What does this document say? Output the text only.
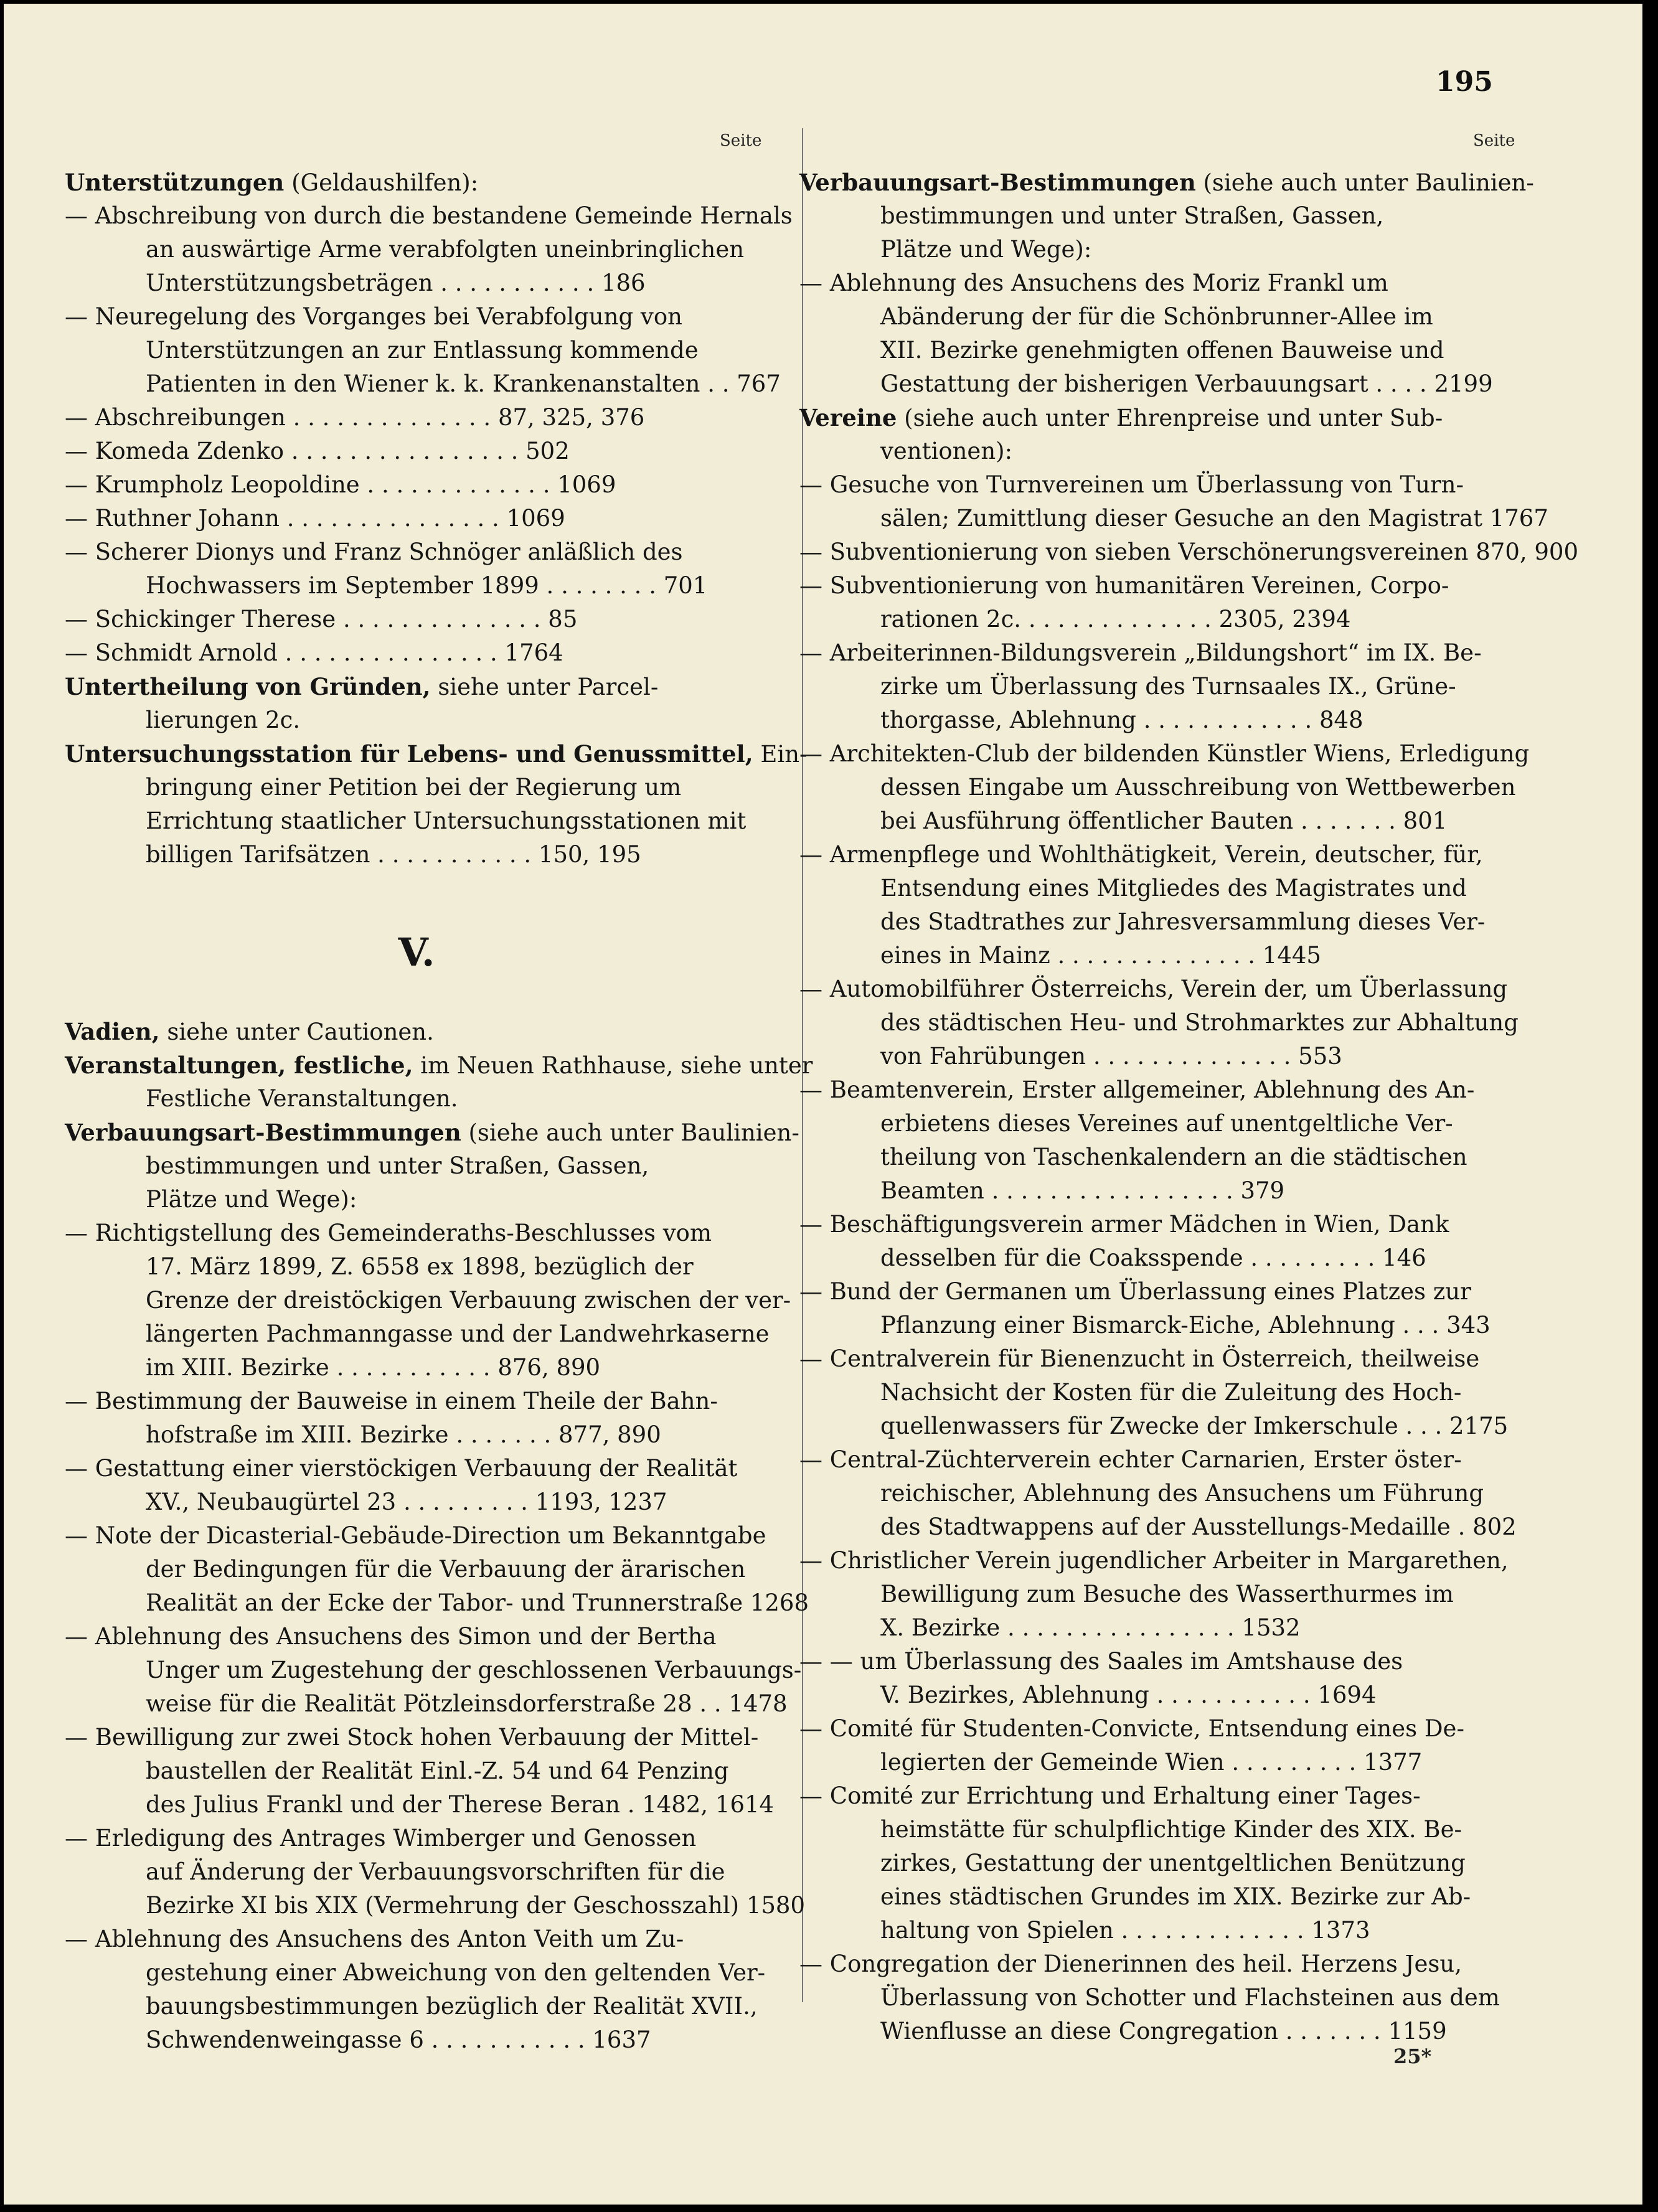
195
Seite	Seite
Unterstützungen (Geldaushilfen):
— Abschreibung von durch die bestandene Gemeinde Hernals
an auswärtige Arme verabfolgten uneinbringlichen
Unterstützungsbeträgen . . . . . . . . . . . 186
— Neuregelung des Vorganges bei Verabfolgung von
Unterstützungen an zur Entlassung kommende
Patienten in den Wiener k. k. Krankenanstalten . . 767
— Abschreibungen . . . . . . . . . . . . . . 87, 325, 376
— Komeda Zdenko . . . . . . . . . . . . . . . . 502
— Krumpholz Leopoldine . . . . . . . . . . . . . 1069
— Ruthner Johann . . . . . . . . . . . . . . . 1069
— Scherer Dionys und Franz Schnöger anläßlich des
Hochwassers im September 1899 . . . . . . . . 701
— Schickinger Therese . . . . . . . . . . . . . . 85
— Schmidt Arnold . . . . . . . . . . . . . . . 1764
Untertheilung von Gründen, siehe unter Parcel-
lierungen 2c.
Untersuchungsstation für Lebens- und Genussmittel, Ein-
bringung einer Petition bei der Regierung um
Errichtung staatlicher Untersuchungsstationen mit
billigen Tarifsätzen . . . . . . . . . . . 150, 195
V.
Vadien, siehe unter Cautionen.
Veranstaltungen, festliche, im Neuen Rathhause, siehe unter
Festliche Veranstaltungen.
Verbauungsart-Bestimmungen (siehe auch unter Baulinien-
bestimmungen und unter Straßen, Gassen,
Plätze und Wege):
— Richtigstellung des Gemeinderaths-Beschlusses vom
17. März 1899, Z. 6558 ex 1898, bezüglich der
Grenze der dreistöckigen Verbauung zwischen der ver-
längerten Pachmanngasse und der Landwehrkaserne
im XIII. Bezirke . . . . . . . . . . . 876, 890
— Bestimmung der Bauweise in einem Theile der Bahn-
hofstraße im XIII. Bezirke . . . . . . . 877, 890
— Gestattung einer vierstöckigen Verbauung der Realität
XV., Neubaugürtel 23 . . . . . . . . . 1193, 1237
— Note der Dicasterial-Gebäude-Direction um Bekanntgabe
der Bedingungen für die Verbauung der ärarischen
Realität an der Ecke der Tabor- und Trunnerstraße 1268
— Ablehnung des Ansuchens des Simon und der Bertha
Unger um Zugestehung der geschlossenen Verbauungs-
weise für die Realität Pötzleinsdorferstraße 28 . . 1478
— Bewilligung zur zwei Stock hohen Verbauung der Mittel-
baustellen der Realität Einl.-Z. 54 und 64 Penzing
des Julius Frankl und der Therese Beran . 1482, 1614
— Erledigung des Antrages Wimberger und Genossen
auf Änderung der Verbauungsvorschriften für die
Bezirke XI bis XIX (Vermehrung der Geschosszahl) 1580
— Ablehnung des Ansuchens des Anton Veith um Zu-
gestehung einer Abweichung von den geltenden Ver-
bauungsbestimmungen bezüglich der Realität XVII.,
Schwendenweingasse 6 . . . . . . . . . . . 1637
Verbauungsart-Bestimmungen (siehe auch unter Baulinien-
bestimmungen und unter Straßen, Gassen,
Plätze und Wege):
— Ablehnung des Ansuchens des Moriz Frankl um
Abänderung der für die Schönbrunner-Allee im
XII. Bezirke genehmigten offenen Bauweise und
Gestattung der bisherigen Verbauungsart . . . . 2199
Vereine (siehe auch unter Ehrenpreise und unter Sub-
ventionen):
— Gesuche von Turnvereinen um Überlassung von Turn-
sälen; Zumittlung dieser Gesuche an den Magistrat 1767
— Subventionierung von sieben Verschönerungsvereinen 870, 900
— Subventionierung von humanitären Vereinen, Corpo-
rationen 2c. . . . . . . . . . . . . . 2305, 2394
— Arbeiterinnen-Bildungsverein „Bildungshort“ im IX. Be-
zirke um Überlassung des Turnsaales IX., Grüne-
thorgasse, Ablehnung . . . . . . . . . . . . 848
— Architekten-Club der bildenden Künstler Wiens, Erledigung
dessen Eingabe um Ausschreibung von Wettbewerben
bei Ausführung öffentlicher Bauten . . . . . . . 801
— Armenpflege und Wohlthätigkeit, Verein, deutscher, für,
Entsendung eines Mitgliedes des Magistrates und
des Stadtrathes zur Jahresversammlung dieses Ver-
eines in Mainz . . . . . . . . . . . . . . 1445
— Automobilführer Österreichs, Verein der, um Überlassung
des städtischen Heu- und Strohmarktes zur Abhaltung
von Fahrübungen . . . . . . . . . . . . . . 553
— Beamtenverein, Erster allgemeiner, Ablehnung des An-
erbietens dieses Vereines auf unentgeltliche Ver-
theilung von Taschenkalendern an die städtischen
Beamten . . . . . . . . . . . . . . . . . 379
— Beschäftigungsverein armer Mädchen in Wien, Dank
desselben für die Coaksspende . . . . . . . . . 146
— Bund der Germanen um Überlassung eines Platzes zur
Pflanzung einer Bismarck-Eiche, Ablehnung . . . 343
— Centralverein für Bienenzucht in Österreich, theilweise
Nachsicht der Kosten für die Zuleitung des Hoch-
quellenwassers für Zwecke der Imkerschule . . . 2175
— Central-Züchterverein echter Carnarien, Erster öster-
reichischer, Ablehnung des Ansuchens um Führung
des Stadtwappens auf der Ausstellungs-Medaille . 802
— Christlicher Verein jugendlicher Arbeiter in Margarethen,
Bewilligung zum Besuche des Wasserthurmes im
X. Bezirke . . . . . . . . . . . . . . . . 1532
— — um Überlassung des Saales im Amtshause des
V. Bezirkes, Ablehnung . . . . . . . . . . . 1694
— Comité für Studenten-Convicte, Entsendung eines De-
legierten der Gemeinde Wien . . . . . . . . . 1377
— Comité zur Errichtung und Erhaltung einer Tages-
heimstätte für schulpflichtige Kinder des XIX. Be-
zirkes, Gestattung der unentgeltlichen Benützung
eines städtischen Grundes im XIX. Bezirke zur Ab-
haltung von Spielen . . . . . . . . . . . . . 1373
— Congregation der Dienerinnen des heil. Herzens Jesu,
Überlassung von Schotter und Flachsteinen aus dem
Wienflusse an diese Congregation . . . . . . . 1159
25*
